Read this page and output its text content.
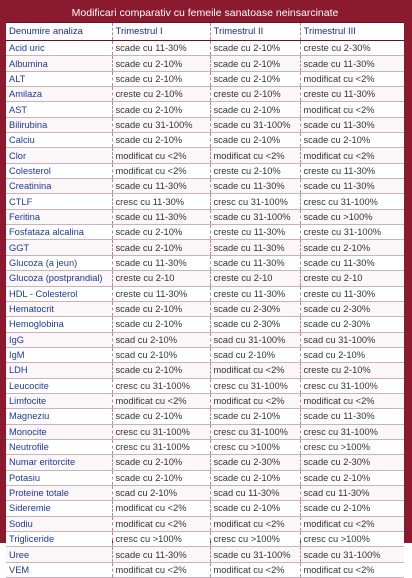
Modificari comparativ cu femeile sanatoase neinsarcinate
Denumire analiza	Trimestrul I	Trimestrul II	Trimestrul III
Acid uric	scade cu 11-30%	scade cu 2-10%	creste cu 2-30%
Albumina	scade cu 2-10%	scade cu 2-10%	scade cu 11-30%
ALT	scade cu 2-10%	scade cu 2-10%	modificat cu <2%
Amilaza	creste cu 2-10%	creste cu 2-10%	creste cu 11-30%
AST	scade cu 2-10%	scade cu 2-10%	modificat cu <2%
Bilirubina	scade cu 31-100%	scade cu 31-100%	scade cu 11-30%
Calciu	scade cu 2-10%	scade cu 2-10%	scade cu 2-10%
Clor	modificat cu <2%	modificat cu <2%	modificat cu <2%
Colesterol	modificat cu <2%	creste cu 2-10%	creste cu 11-30%
Creatinina	scade cu 11-30%	scade cu 11-30%	scade cu 11-30%
CTLF	cresc cu 11-30%	cresc cu 31-100%	cresc cu 31-100%
Feritina	scade cu 11-30%	scade cu 31-100%	scade cu >100%
Fosfataza alcalina	scade cu 2-10%	creste cu 11-30%	creste cu 31-100%
GGT	scade cu 2-10%	scade cu 11-30%	scade cu 2-10%
Glucoza (a jeun)	scade cu 11-30%	scade cu 11-30%	scade cu 11-30%
Glucoza (postprandial)	creste cu 2-10	creste cu 2-10	creste cu 2-10
HDL - Colesterol	creste cu 11-30%	creste cu 11-30%	creste cu 11-30%
Hematocrit	scade cu 2-10%	scade cu 2-30%	scade cu 2-30%
Hemoglobina	scade cu 2-10%	scade cu 2-30%	scade cu 2-30%
IgG	scad cu 2-10%	scad cu 31-100%	scad cu 31-100%
IgM	scad cu 2-10%	scad cu 2-10%	scad cu 2-10%
LDH	scade cu 2-10%	modificat cu <2%	creste cu 2-10%
Leucocite	cresc cu 31-100%	cresc cu 31-100%	cresc cu 31-100%
Limfocite	modificat cu <2%	modificat cu <2%	modificat cu <2%
Magneziu	scade cu 2-10%	scade cu 2-10%	scade cu 11-30%
Monocite	cresc cu 31-100%	cresc cu 31-100%	cresc cu 31-100%
Neutrofile	cresc cu 31-100%	cresc cu >100%	cresc cu >100%
Numar eritorcite	scade cu 2-10%	scade cu 2-30%	scade cu 2-30%
Potasiu	scade cu 2-10%	scade cu 2-10%	scade cu 2-10%
Proteine totale	scad cu 2-10%	scad cu 11-30%	scad cu 11-30%
Sideremie	modificat cu <2%	scade cu 2-10%	scade cu 2-10%
Sodiu	modificat cu <2%	modificat cu <2%	modificat cu <2%
Trigliceride	cresc cu >100%	cresc cu >100%	cresc cu >100%
Uree	scade cu 11-30%	scade cu 31-100%	scade cu 31-100%
VEM	modificat cu <2%	modificat cu <2%	modificat cu <2%
